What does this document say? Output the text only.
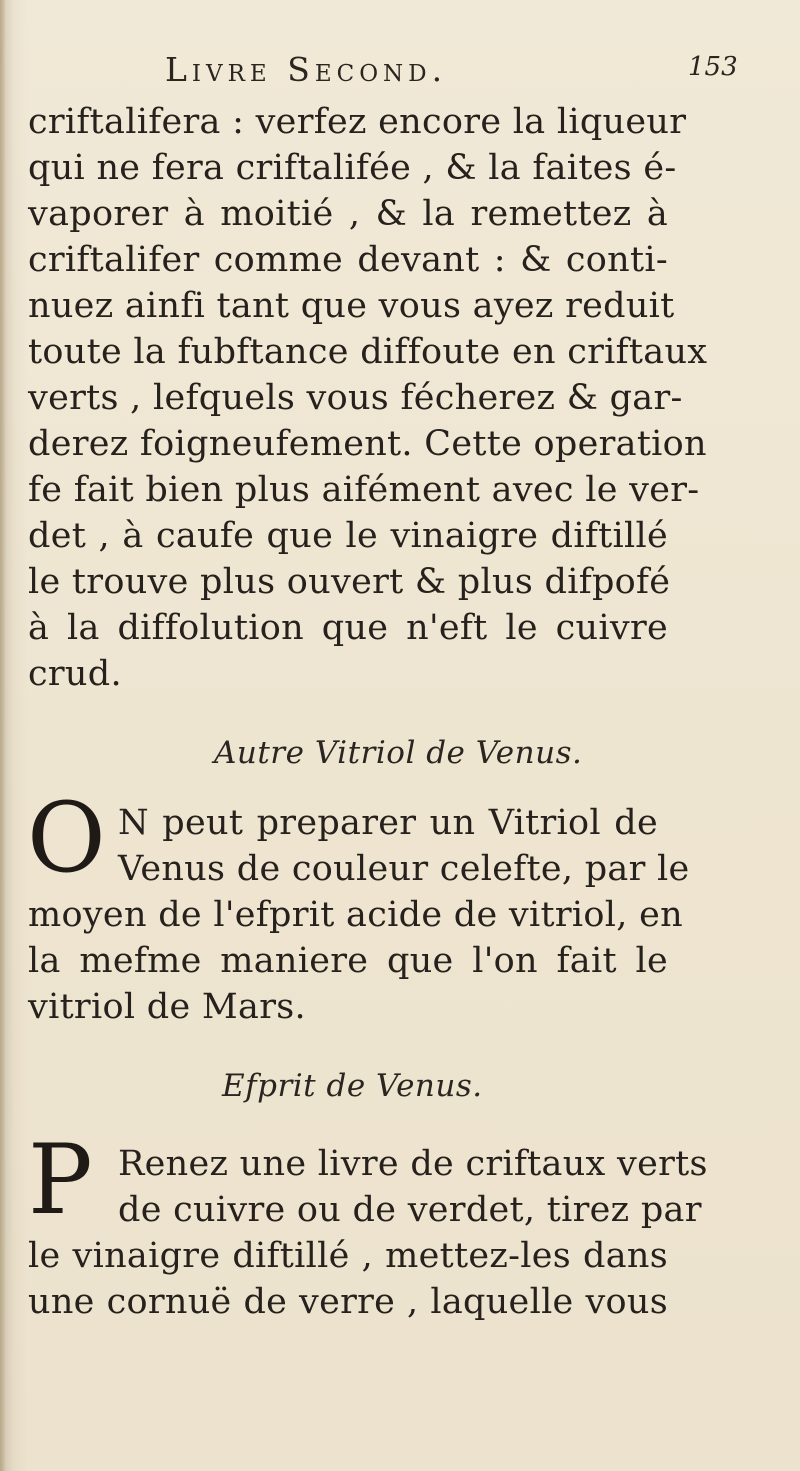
Livre Second.	153
criftalifera : verfez encore la liqueur
qui ne fera criftalifée , & la faites é-
vaporer à moitié , & la remettez à
criftalifer comme devant : & conti-
nuez ainfi tant que vous ayez reduit
toute la fubftance diffoute en criftaux
verts , lefquels vous fécherez & gar-
derez foigneufement. Cette operation
fe fait bien plus aifément avec le ver-
det , à caufe que le vinaigre diftillé
le trouve plus ouvert & plus difpofé
à la diffolution que n'eft le cuivre
crud.
Autre Vitriol de Venus.
O N peut preparer un Vitriol de
Venus de couleur celefte, par le
moyen de l'efprit acide de vitriol, en
la mefme maniere que l'on fait le
vitriol de Mars.
Efprit de Venus.
P Renez une livre de criftaux verts
de cuivre ou de verdet, tirez par
le vinaigre diftillé , mettez-les dans
une cornuë de verre , laquelle vous
